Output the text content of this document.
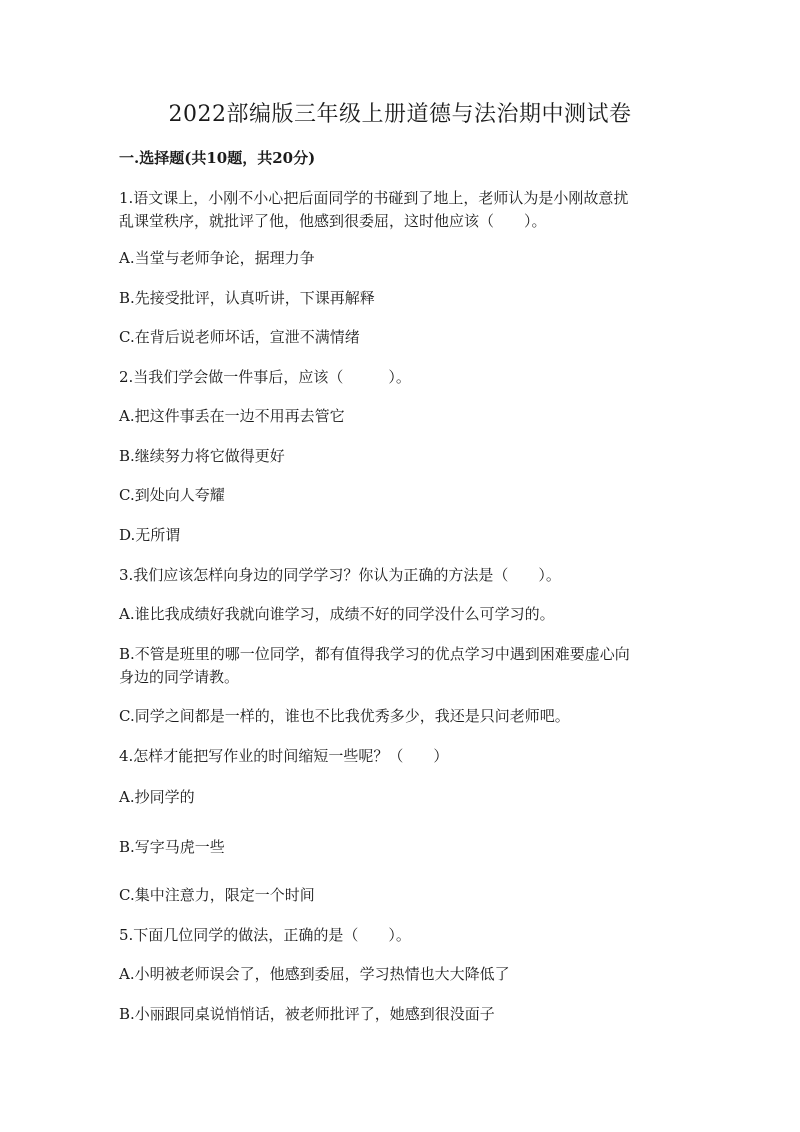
2022部编版三年级上册道德与法治期中测试卷
一.选择题(共10题，共20分)
1.语文课上，小刚不小心把后面同学的书碰到了地上，老师认为是小刚故意扰
乱课堂秩序，就批评了他，他感到很委屈，这时他应该（　　）。
A.当堂与老师争论，据理力争
B.先接受批评，认真听讲，下课再解释
C.在背后说老师坏话，宣泄不满情绪
2.当我们学会做一件事后，应该（　　　）。
A.把这件事丢在一边不用再去管它
B.继续努力将它做得更好
C.到处向人夸耀
D.无所谓
3.我们应该怎样向身边的同学学习？你认为正确的方法是（　　）。
A.谁比我成绩好我就向谁学习，成绩不好的同学没什么可学习的。
B.不管是班里的哪一位同学，都有值得我学习的优点学习中遇到困难要虚心向
身边的同学请教。
C.同学之间都是一样的，谁也不比我优秀多少，我还是只问老师吧。
4.怎样才能把写作业的时间缩短一些呢？（　　）
A.抄同学的
B.写字马虎一些
C.集中注意力，限定一个时间
5.下面几位同学的做法，正确的是（　　）。
A.小明被老师误会了，他感到委屈，学习热情也大大降低了
B.小丽跟同桌说悄悄话，被老师批评了，她感到很没面子
